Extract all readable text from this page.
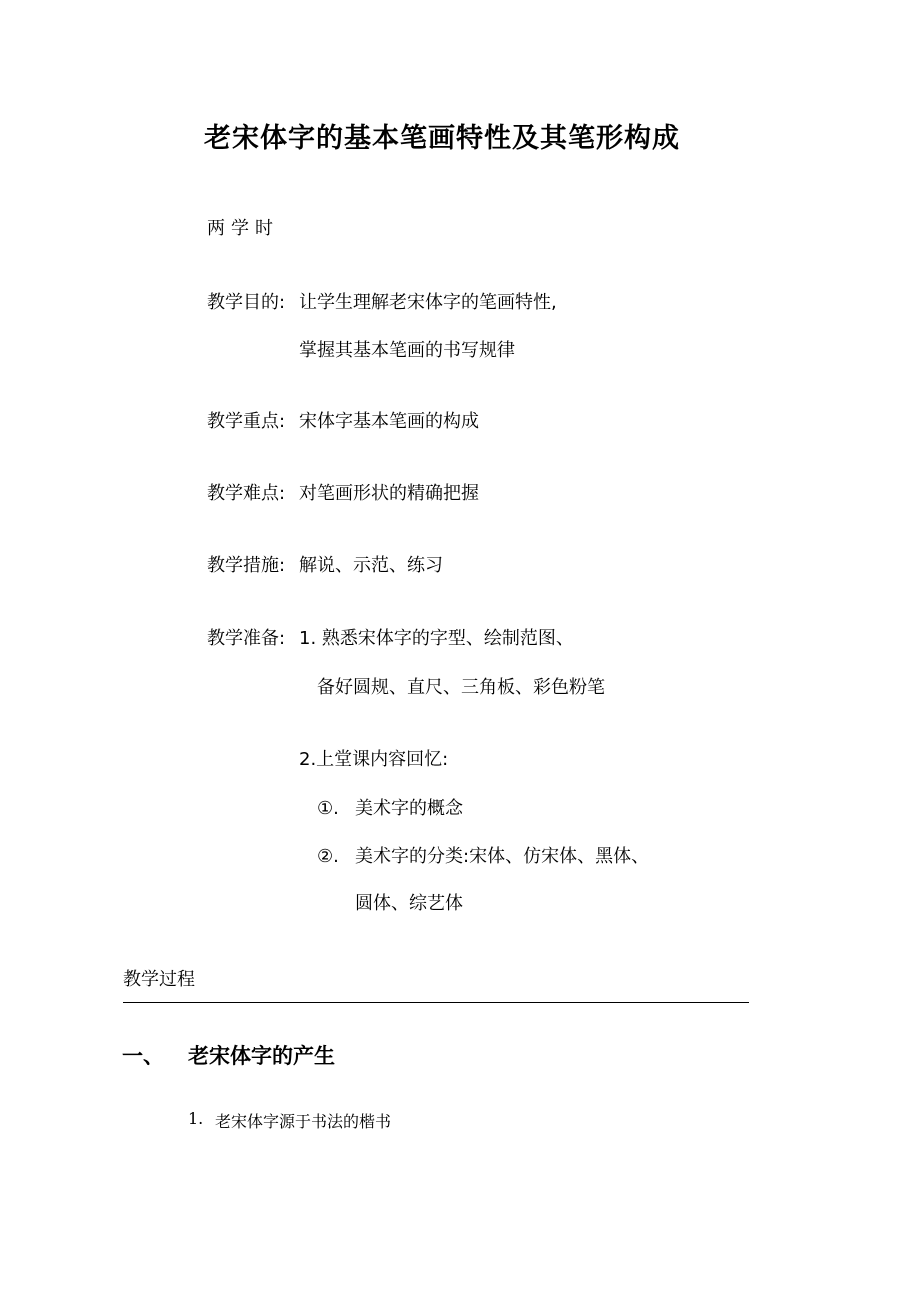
老宋体字的基本笔画特性及其笔形构成
两学时
教学目的: 让学生理解老宋体字的笔画特性,
掌握其基本笔画的书写规律
教学重点: 宋体字基本笔画的构成
教学难点: 对笔画形状的精确把握
教学措施: 解说、示范、练习
教学准备: 1. 熟悉宋体字的字型、绘制范图、
备好圆规、直尺、三角板、彩色粉笔
2.上堂课内容回忆:
①. 美术字的概念
②. 美术字的分类:宋体、仿宋体、黑体、
圆体、综艺体
教学过程
一、 老宋体字的产生
1. 老宋体字源于书法的楷书
